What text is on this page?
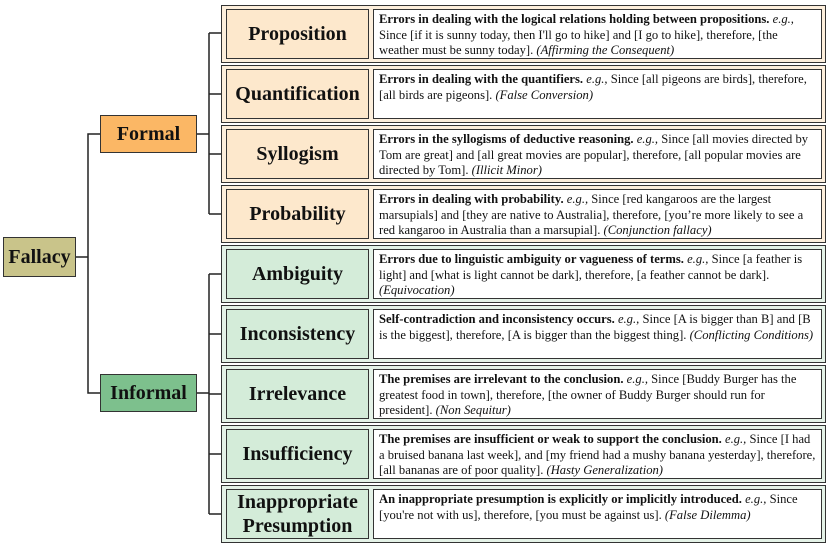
Fallacy
Formal
Informal
Proposition
Errors in dealing with the logical relations holding between propositions. e.g., Since [if it is sunny today, then I'll go to hike] and [I go to hike], therefore, [the weather must be sunny today]. (Affirming the Consequent)
Quantification
Errors in dealing with the quantifiers. e.g., Since [all pigeons are birds], therefore, [all birds are pigeons]. (False Conversion)
Syllogism
Errors in the syllogisms of deductive reasoning. e.g., Since [all movies directed by Tom are great] and [all great movies are popular], therefore, [all popular movies are directed by Tom]. (Illicit Minor)
Probability
Errors in dealing with probability. e.g., Since [red kangaroos are the largest marsupials] and [they are native to Australia], therefore, [you’re more likely to see a red kangaroo in Australia than a marsupial]. (Conjunction fallacy)
Ambiguity
Errors due to linguistic ambiguity or vagueness of terms. e.g., Since [a feather is light] and [what is light cannot be dark], therefore, [a feather cannot be dark]. (Equivocation)
Inconsistency
Self-contradiction and inconsistency occurs. e.g., Since [A is bigger than B] and [B is the biggest], therefore, [A is bigger than the biggest thing]. (Conflicting Conditions)
Irrelevance
The premises are irrelevant to the conclusion. e.g., Since [Buddy Burger has the greatest food in town], therefore, [the owner of Buddy Burger should run for president]. (Non Sequitur)
Insufficiency
The premises are insufficient or weak to support the conclusion. e.g., Since [I had a bruised banana last week], and [my friend had a mushy banana yesterday], therefore, [all bananas are of poor quality]. (Hasty Generalization)
Inappropriate Presumption
An inappropriate presumption is explicitly or implicitly introduced. e.g., Since [you're not with us], therefore, [you must be against us]. (False Dilemma)
